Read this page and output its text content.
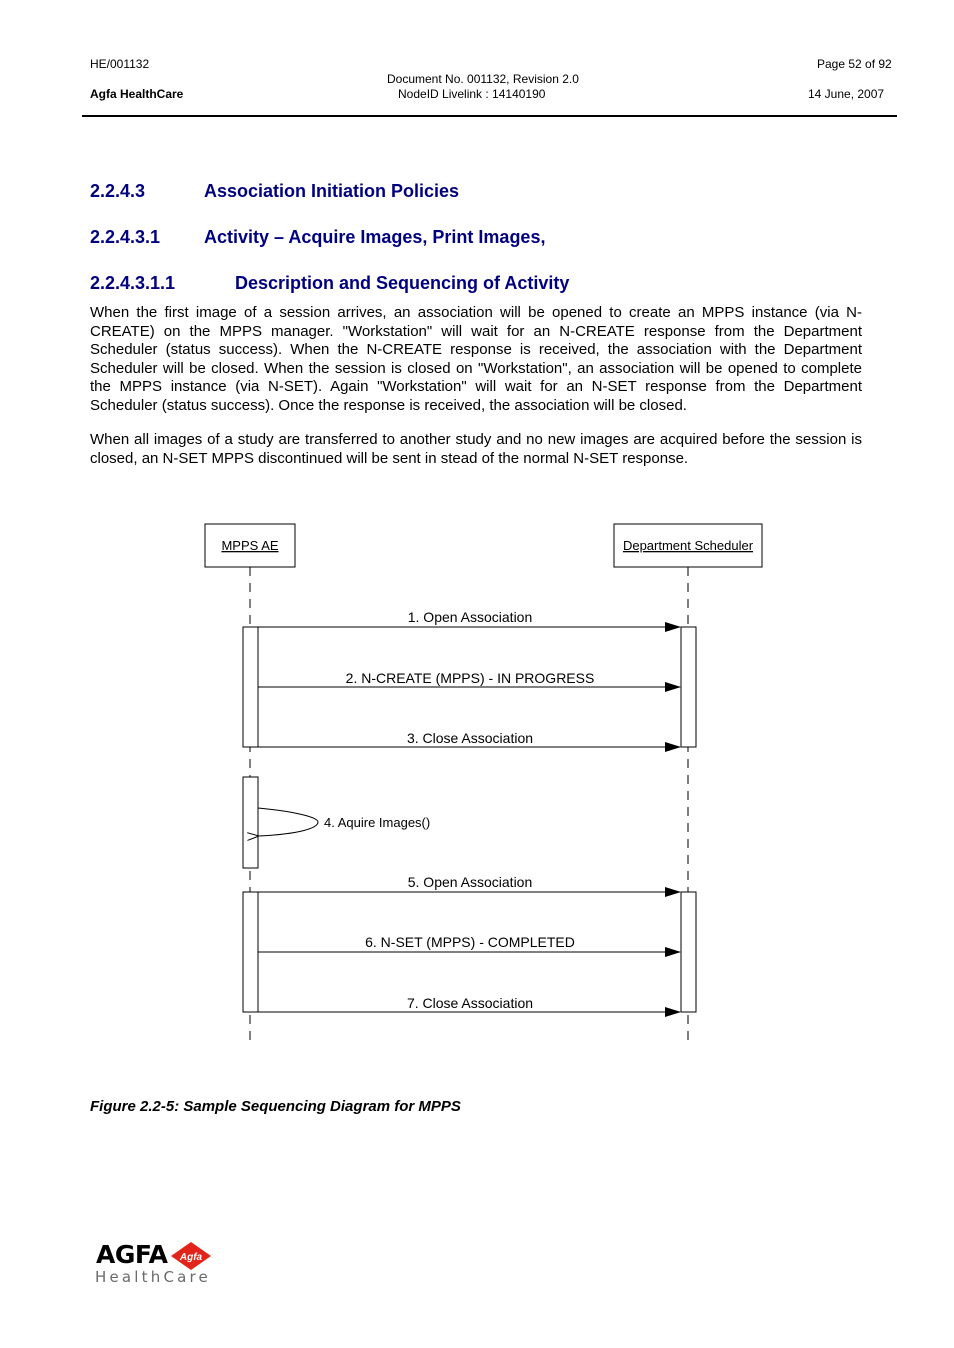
HE/001132
Agfa HealthCare
Document No. 001132, Revision 2.0
NodeID Livelink : 14140190
Page 52 of 92
14 June, 2007
2.2.4.3	Association Initiation Policies
2.2.4.3.1 Activity – Acquire Images, Print Images,
2.2.4.3.1.1	Description and Sequencing of Activity

When the first image of a session arrives, an association will be opened to create an MPPS instance (via N-CREATE) on the MPPS manager. "Workstation" will wait for an N-CREATE response from the Department Scheduler (status success). When the N-CREATE response is received, the association with the Department Scheduler will be closed. When the session is closed on "Workstation", an association will be opened to complete the MPPS instance (via N-SET). Again "Workstation" will wait for an N-SET response from the Department Scheduler (status success). Once the response is received, the association will be closed.

When all images of a study are transferred to another study and no new images are acquired before the session is closed, an N-SET MPPS discontinued will be sent in stead of the normal N-SET response.

MPPS AE	Department Scheduler
1. Open Association
2. N-CREATE (MPPS) - IN PROGRESS
3. Close Association
4. Aquire Images()
5. Open Association
6. N-SET (MPPS) - COMPLETED
7. Close Association
Figure 2.2-5: Sample Sequencing Diagram for MPPS
AGFA Agfa
HealthCare
